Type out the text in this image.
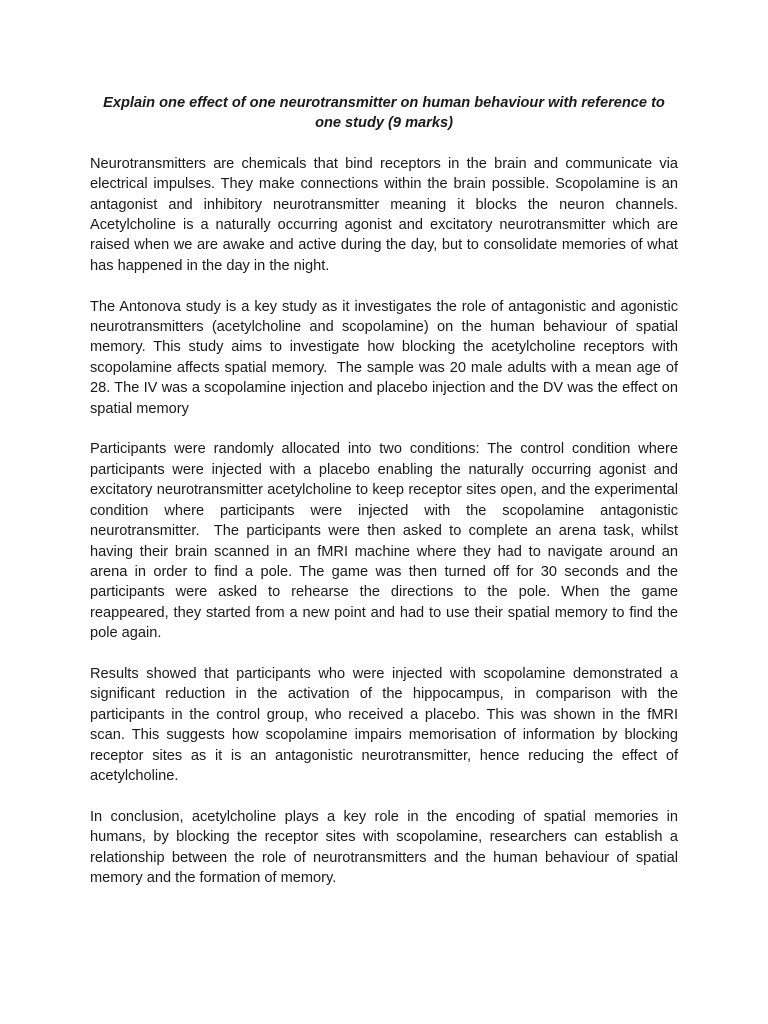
Explain one effect of one neurotransmitter on human behaviour with reference to one study (9 marks)

Neurotransmitters are chemicals that bind receptors in the brain and communicate via electrical impulses. They make connections within the brain possible. Scopolamine is an antagonist and inhibitory neurotransmitter meaning it blocks the neuron channels. Acetylcholine is a naturally occurring agonist and excitatory neurotransmitter which are raised when we are awake and active during the day, but to consolidate memories of what has happened in the day in the night.

The Antonova study is a key study as it investigates the role of antagonistic and agonistic neurotransmitters (acetylcholine and scopolamine) on the human behaviour of spatial memory. This study aims to investigate how blocking the acetylcholine receptors with scopolamine affects spatial memory.  The sample was 20 male adults with a mean age of 28. The IV was a scopolamine injection and placebo injection and the DV was the effect on spatial memory

Participants were randomly allocated into two conditions: The control condition where participants were injected with a placebo enabling the naturally occurring agonist and excitatory neurotransmitter acetylcholine to keep receptor sites open, and the experimental condition where participants were injected with the scopolamine antagonistic neurotransmitter.  The participants were then asked to complete an arena task, whilst having their brain scanned in an fMRI machine where they had to navigate around an arena in order to find a pole. The game was then turned off for 30 seconds and the participants were asked to rehearse the directions to the pole. When the game reappeared, they started from a new point and had to use their spatial memory to find the pole again.

Results showed that participants who were injected with scopolamine demonstrated a significant reduction in the activation of the hippocampus, in comparison with the participants in the control group, who received a placebo. This was shown in the fMRI scan. This suggests how scopolamine impairs memorisation of information by blocking receptor sites as it is an antagonistic neurotransmitter, hence reducing the effect of acetylcholine.

In conclusion, acetylcholine plays a key role in the encoding of spatial memories in humans, by blocking the receptor sites with scopolamine, researchers can establish a relationship between the role of neurotransmitters and the human behaviour of spatial memory and the formation of memory.
